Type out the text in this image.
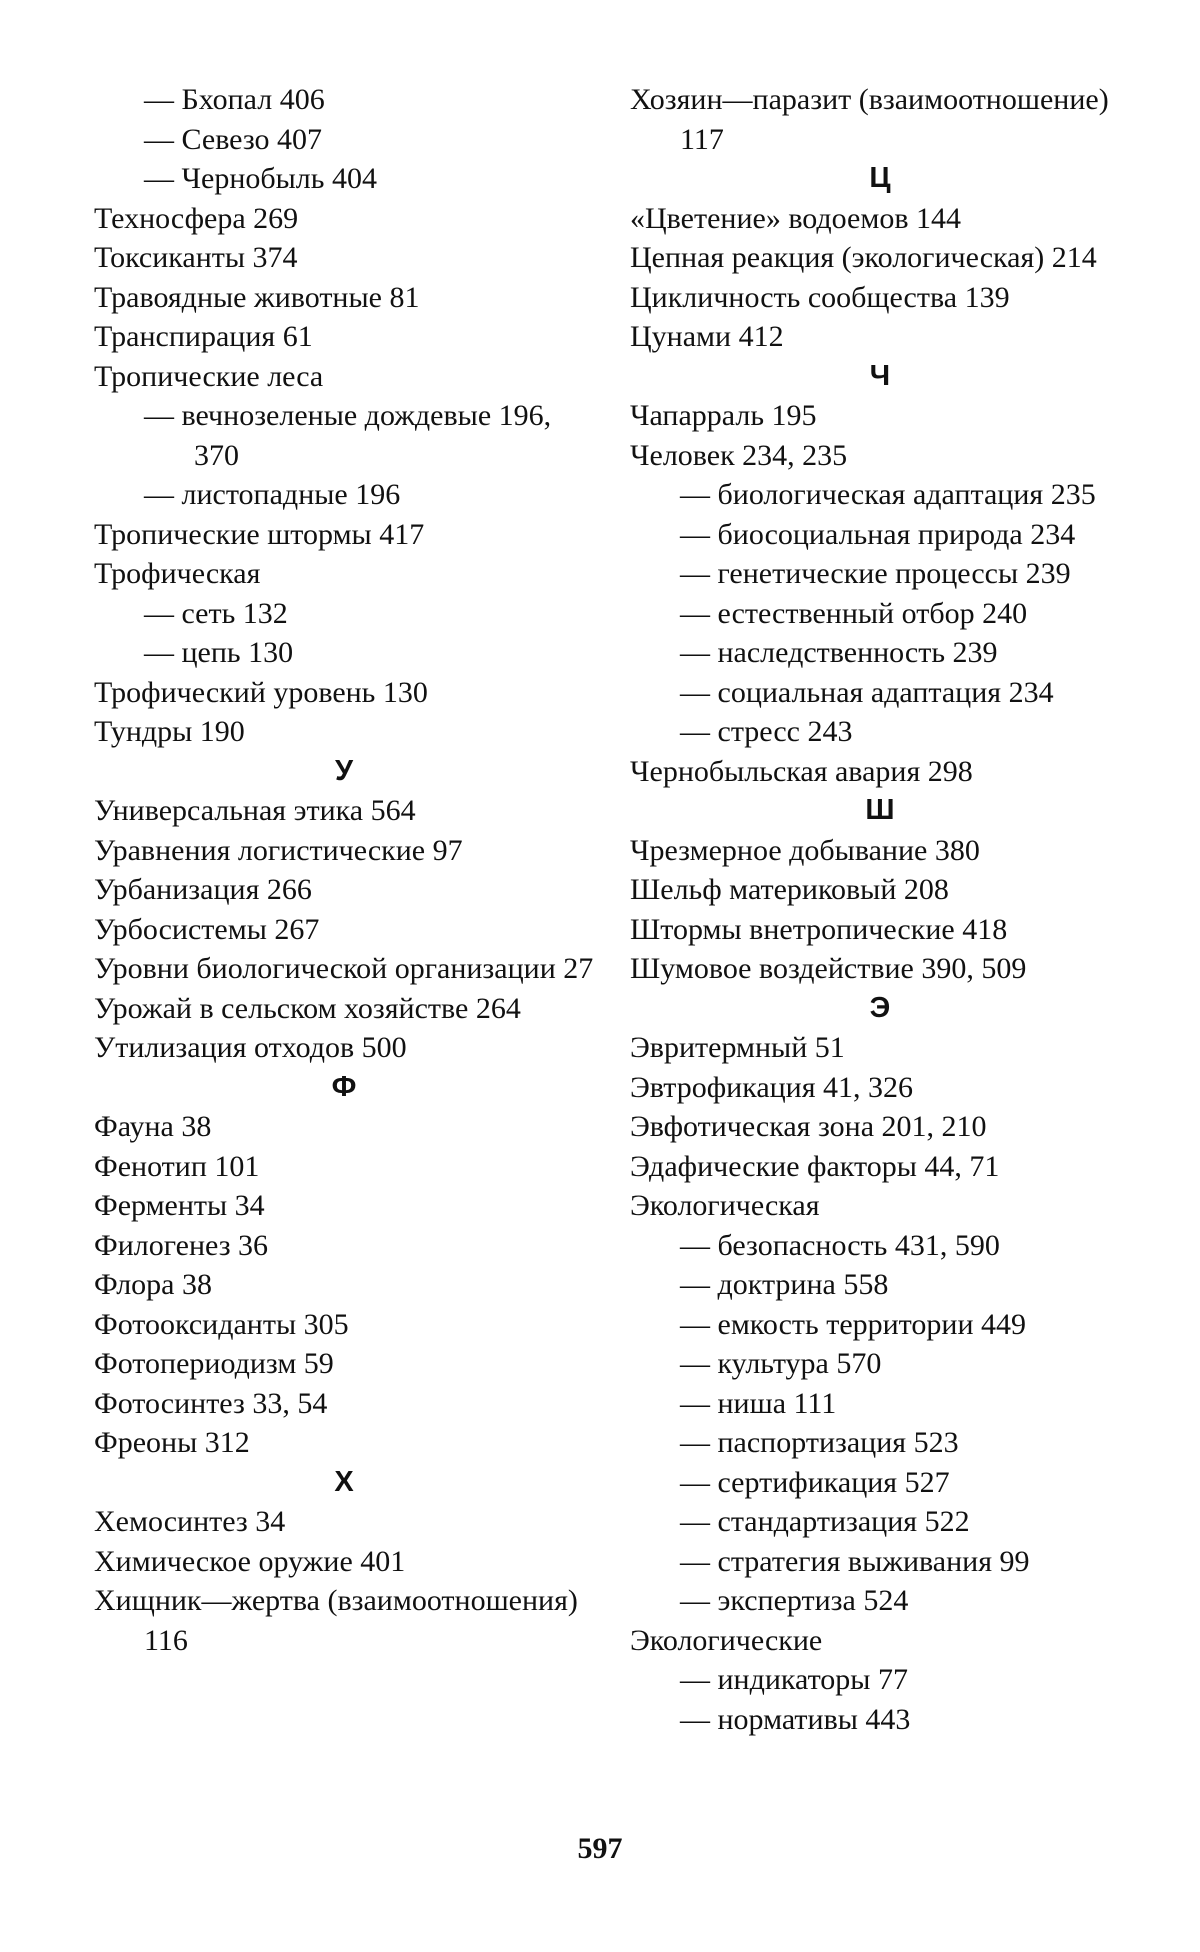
— Бхопал 406
— Севезо 407
— Чернобыль 404
Техносфера 269
Токсиканты 374
Травоядные животные 81
Транспирация 61
Тропические леса
— вечнозеленые дождевые 196, 370
— листопадные 196
Тропические штормы 417
Трофическая
— сеть 132
— цепь 130
Трофический уровень 130
Тундры 190
У
Универсальная этика 564
Уравнения логистические 97
Урбанизация 266
Урбосистемы 267
Уровни биологической организации 27
Урожай в сельском хозяйстве 264
Утилизация отходов 500
Ф
Фауна 38
Фенотип 101
Ферменты 34
Филогенез 36
Флора 38
Фотооксиданты 305
Фотопериодизм 59
Фотосинтез 33, 54
Фреоны 312
Х
Хемосинтез 34
Химическое оружие 401
Хищник—жертва (взаимоотношения) 116
Хозяин—паразит (взаимоотношение) 117
Ц
«Цветение» водоемов 144
Цепная реакция (экологическая) 214
Цикличность сообщества 139
Цунами 412
Ч
Чапарраль 195
Человек 234, 235
— биологическая адаптация 235
— биосоциальная природа 234
— генетические процессы 239
— естественный отбор 240
— наследственность 239
— социальная адаптация 234
— стресс 243
Чернобыльская авария 298
Ш
Чрезмерное добывание 380
Шельф материковый 208
Штормы внетропические 418
Шумовое воздействие 390, 509
Э
Эвритермный 51
Эвтрофикация 41, 326
Эвфотическая зона 201, 210
Эдафические факторы 44, 71
Экологическая
— безопасность 431, 590
— доктрина 558
— емкость территории 449
— культура 570
— ниша 111
— паспортизация 523
— сертификация 527
— стандартизация 522
— стратегия выживания 99
— экспертиза 524
Экологические
— индикаторы 77
— нормативы 443
597
